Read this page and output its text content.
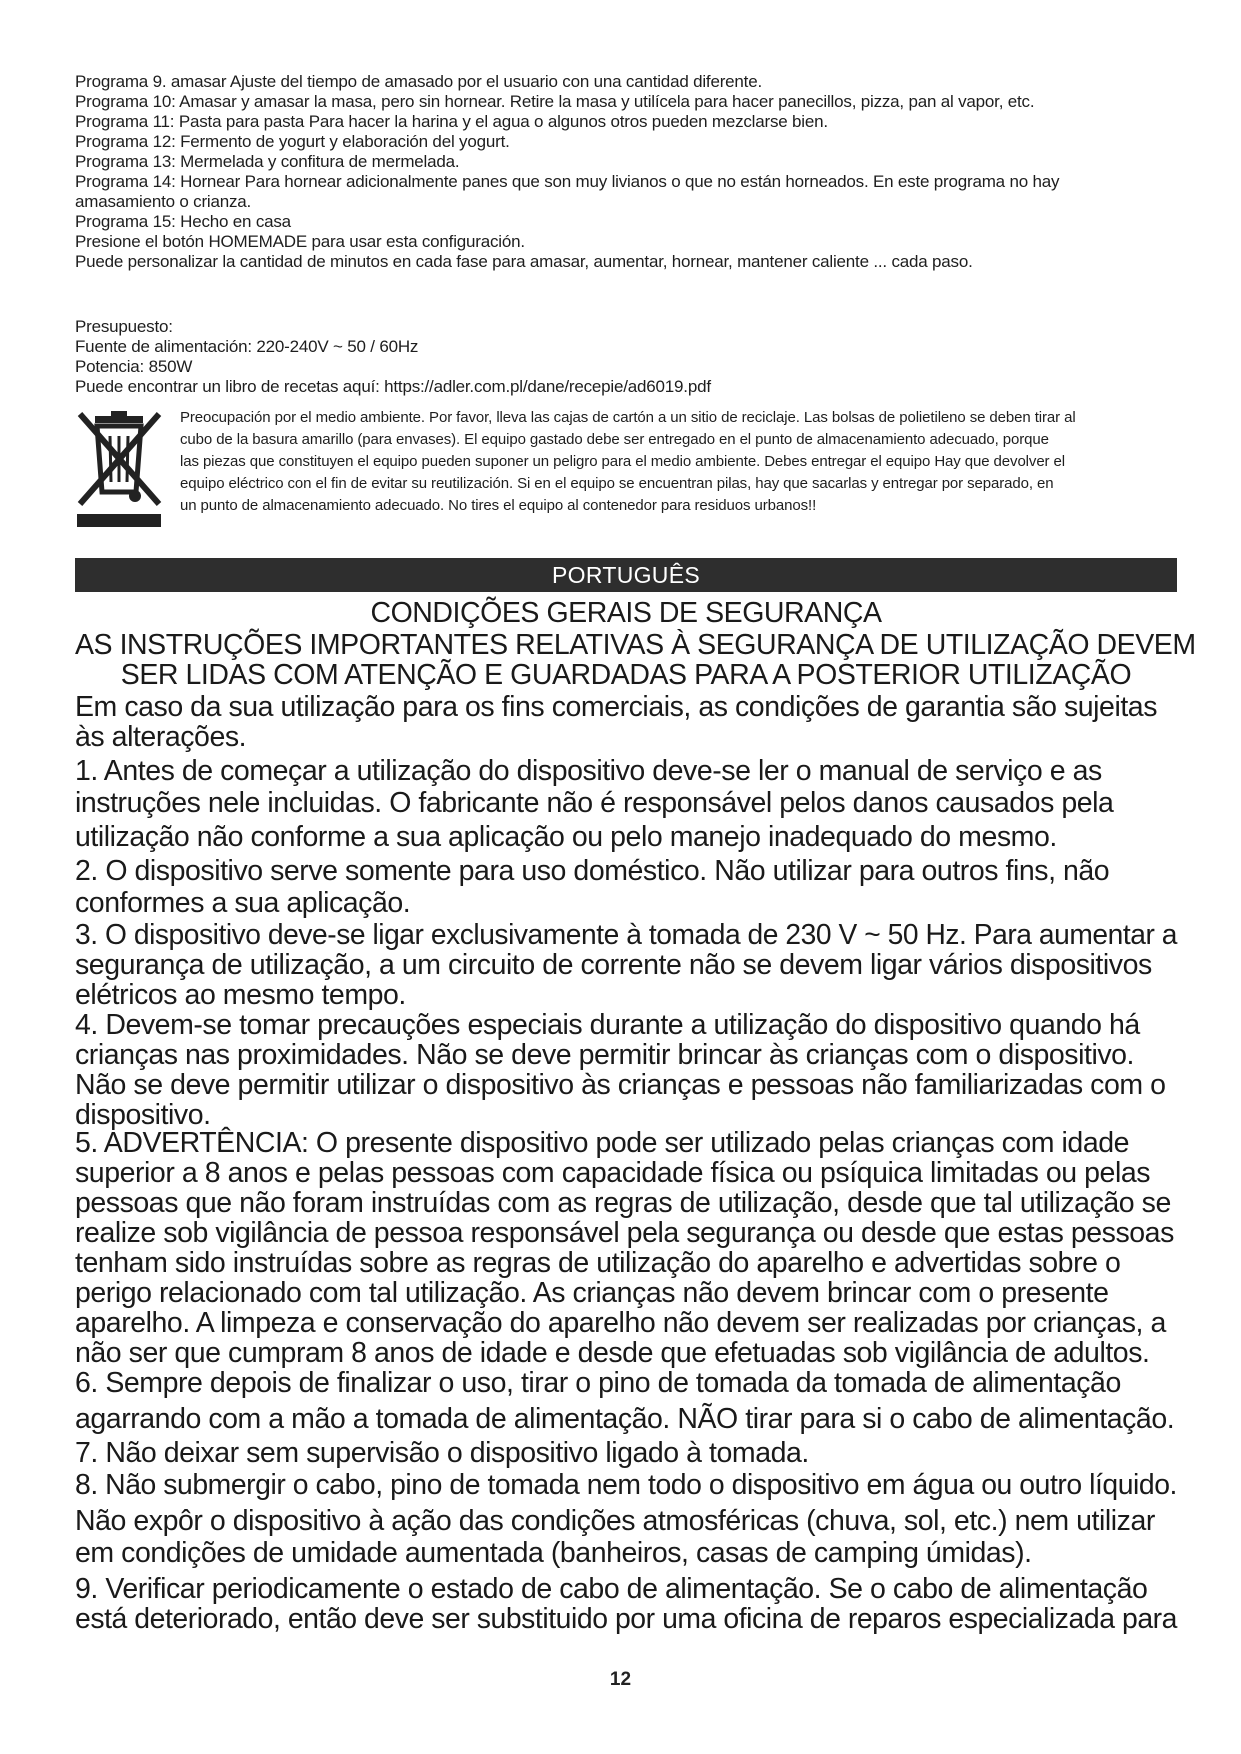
Programa 9. amasar Ajuste del tiempo de amasado por el usuario con una cantidad diferente.
Programa 10: Amasar y amasar la masa, pero sin hornear. Retire la masa y utilícela para hacer panecillos, pizza, pan al vapor, etc.
Programa 11: Pasta para pasta Para hacer la harina y el agua o algunos otros pueden mezclarse bien.
Programa 12: Fermento de yogurt y elaboración del yogurt.
Programa 13: Mermelada y confitura de mermelada.
Programa 14: Hornear Para hornear adicionalmente panes que son muy livianos o que no están horneados. En este programa no hay
amasamiento o crianza.
Programa 15: Hecho en casa
Presione el botón HOMEMADE para usar esta configuración.
Puede personalizar la cantidad de minutos en cada fase para amasar, aumentar, hornear, mantener caliente ... cada paso.
Presupuesto:
Fuente de alimentación: 220-240V ~ 50 / 60Hz
Potencia: 850W
Puede encontrar un libro de recetas aquí: https://adler.com.pl/dane/recepie/ad6019.pdf
Preocupación por el medio ambiente. Por favor, lleva las cajas de cartón a un sitio de reciclaje. Las bolsas de polietileno se deben tirar al
cubo de la basura amarillo (para envases). El equipo gastado debe ser entregado en el punto de almacenamiento adecuado, porque
las piezas que constituyen el equipo pueden suponer un peligro para el medio ambiente. Debes entregar el equipo Hay que devolver el
equipo eléctrico con el fin de evitar su reutilización. Si en el equipo se encuentran pilas, hay que sacarlas y entregar por separado, en
un punto de almacenamiento adecuado. No tires el equipo al contenedor para residuos urbanos!!
PORTUGUÊS
CONDIÇÕES GERAIS DE SEGURANÇA
AS INSTRUÇÕES IMPORTANTES RELATIVAS À SEGURANÇA DE UTILIZAÇÃO DEVEM
SER LIDAS COM ATENÇÃO E GUARDADAS PARA A POSTERIOR UTILIZAÇÃO
Em caso da sua utilização para os fins comerciais, as condições de garantia são sujeitas
às alterações.
1. Antes de começar a utilização do dispositivo deve-se ler o manual de serviço e as
instruções nele incluidas. O fabricante não é responsável pelos danos causados pela
utilização não conforme a sua aplicação ou pelo manejo inadequado do mesmo.
2. O dispositivo serve somente para uso doméstico. Não utilizar para outros fins, não
conformes a sua aplicação.
3. O dispositivo deve-se ligar exclusivamente à tomada de 230 V ~ 50 Hz. Para aumentar a
segurança de utilização, a um circuito de corrente não se devem ligar vários dispositivos
elétricos ao mesmo tempo.
4. Devem-se tomar precauções especiais durante a utilização do dispositivo quando há
crianças nas proximidades. Não se deve permitir brincar às crianças com o dispositivo.
Não se deve permitir utilizar o dispositivo às crianças e pessoas não familiarizadas com o
dispositivo.
5. ADVERTÊNCIA: O presente dispositivo pode ser utilizado pelas crianças com idade
superior a 8 anos e pelas pessoas com capacidade física ou psíquica limitadas ou pelas
pessoas que não foram instruídas com as regras de utilização, desde que tal utilização se
realize sob vigilância de pessoa responsável pela segurança ou desde que estas pessoas
tenham sido instruídas sobre as regras de utilização do aparelho e advertidas sobre o
perigo relacionado com tal utilização. As crianças não devem brincar com o presente
aparelho. A limpeza e conservação do aparelho não devem ser realizadas por crianças, a
não ser que cumpram 8 anos de idade e desde que efetuadas sob vigilância de adultos.
6. Sempre depois de finalizar o uso, tirar o pino de tomada da tomada de alimentação
agarrando com a mão a tomada de alimentação. NÃO tirar para si o cabo de alimentação.
7. Não deixar sem supervisão o dispositivo ligado à tomada.
8. Não submergir o cabo, pino de tomada nem todo o dispositivo em água ou outro líquido.
Não expôr o dispositivo à ação das condições atmosféricas (chuva, sol, etc.) nem utilizar
em condições de umidade aumentada (banheiros, casas de camping úmidas).
9. Verificar periodicamente o estado de cabo de alimentação. Se o cabo de alimentação
está deteriorado, então deve ser substituido por uma oficina de reparos especializada para
12
